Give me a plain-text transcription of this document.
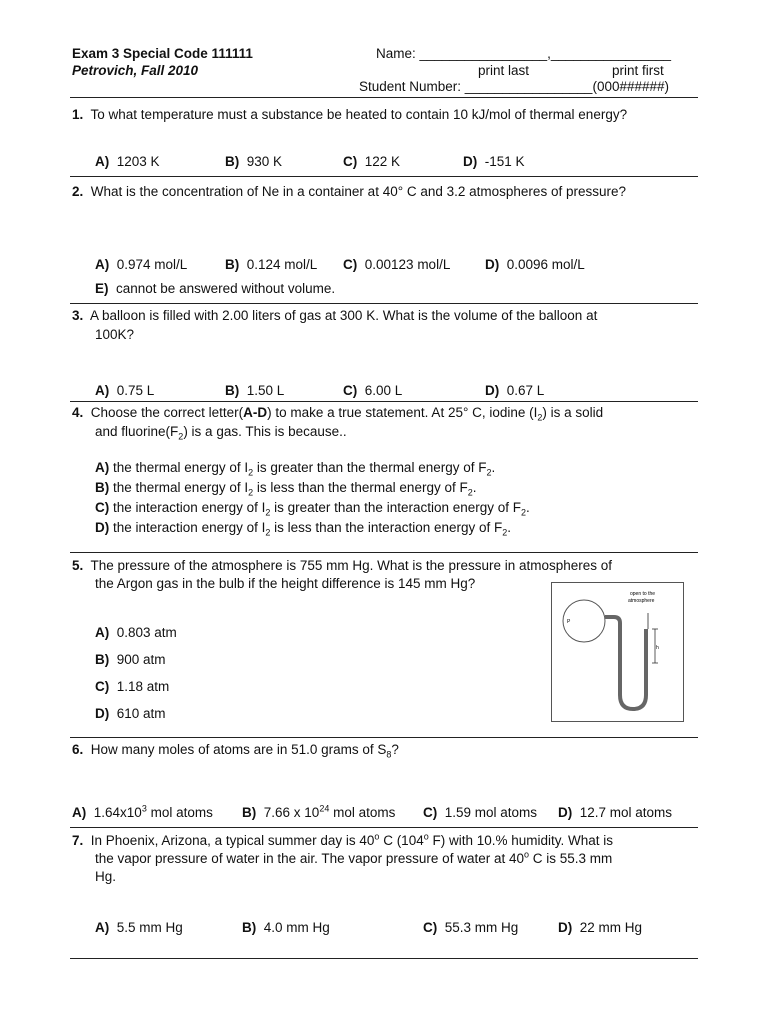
Exam 3 Special Code 111111
Petrovich, Fall 2010
Name: _________________,________________
print last	print first
Student Number: _________________(000######)
1. To what temperature must a substance be heated to contain 10 kJ/mol of thermal energy?
A) 1203 K	B) 930 K	C) 122 K	D) -151 K
2. What is the concentration of Ne in a container at 40° C and 3.2 atmospheres of pressure?
A) 0.974 mol/L	B) 0.124 mol/L C) 0.00123 mol/L	D) 0.0096 mol/L
E) cannot be answered without volume.
3. A balloon is filled with 2.00 liters of gas at 300 K. What is the volume of the balloon at
100K?
A) 0.75 L	B) 1.50 L	C) 6.00 L	D) 0.67 L
4. Choose the correct letter(A-D) to make a true statement. At 25° C, iodine $(I_2)$ is a solid
and $fluorine(F_2)$ is a gas. This is because..
A) the thermal energy of $I_2$ is greater than the thermal energy of $F_2$.
B) the thermal energy of $I_2$ is less than the thermal energy of $F_2$.
C) the interaction energy of $I_2$ is greater than the interaction energy of $F_2$.
D) the interaction energy of $I_2$ is less than the interaction energy of $F_2$.
5. The pressure of the atmosphere is 755 mm Hg. What is the pressure in atmospheres of
the Argon gas in the bulb if the height difference is 145 mm Hg?
A) 0.803 atm
B) 900 atm
C) 1.18 atm
D) 610 atm
P
h
open to the
atmosphere
6. How many moles of atoms are in 51.0 grams of $S_8$?
A) $1.64x10^3$ mol atoms B) 7.66 x $10^{24}$ mol atoms C) 1.59 mol atoms D) 12.7 mol atoms
7. In Phoenix, Arizona, a typical summer day is 40$^o$ C (104$^o$ F) with 10.% humidity. What is
the vapor pressure of water in the air. The vapor pressure of water at 40$^o$ C is 55.3 mm
Hg.
A) 5.5 mm Hg	B) 4.0 mm Hg	C) 55.3 mm Hg	D) 22 mm Hg
